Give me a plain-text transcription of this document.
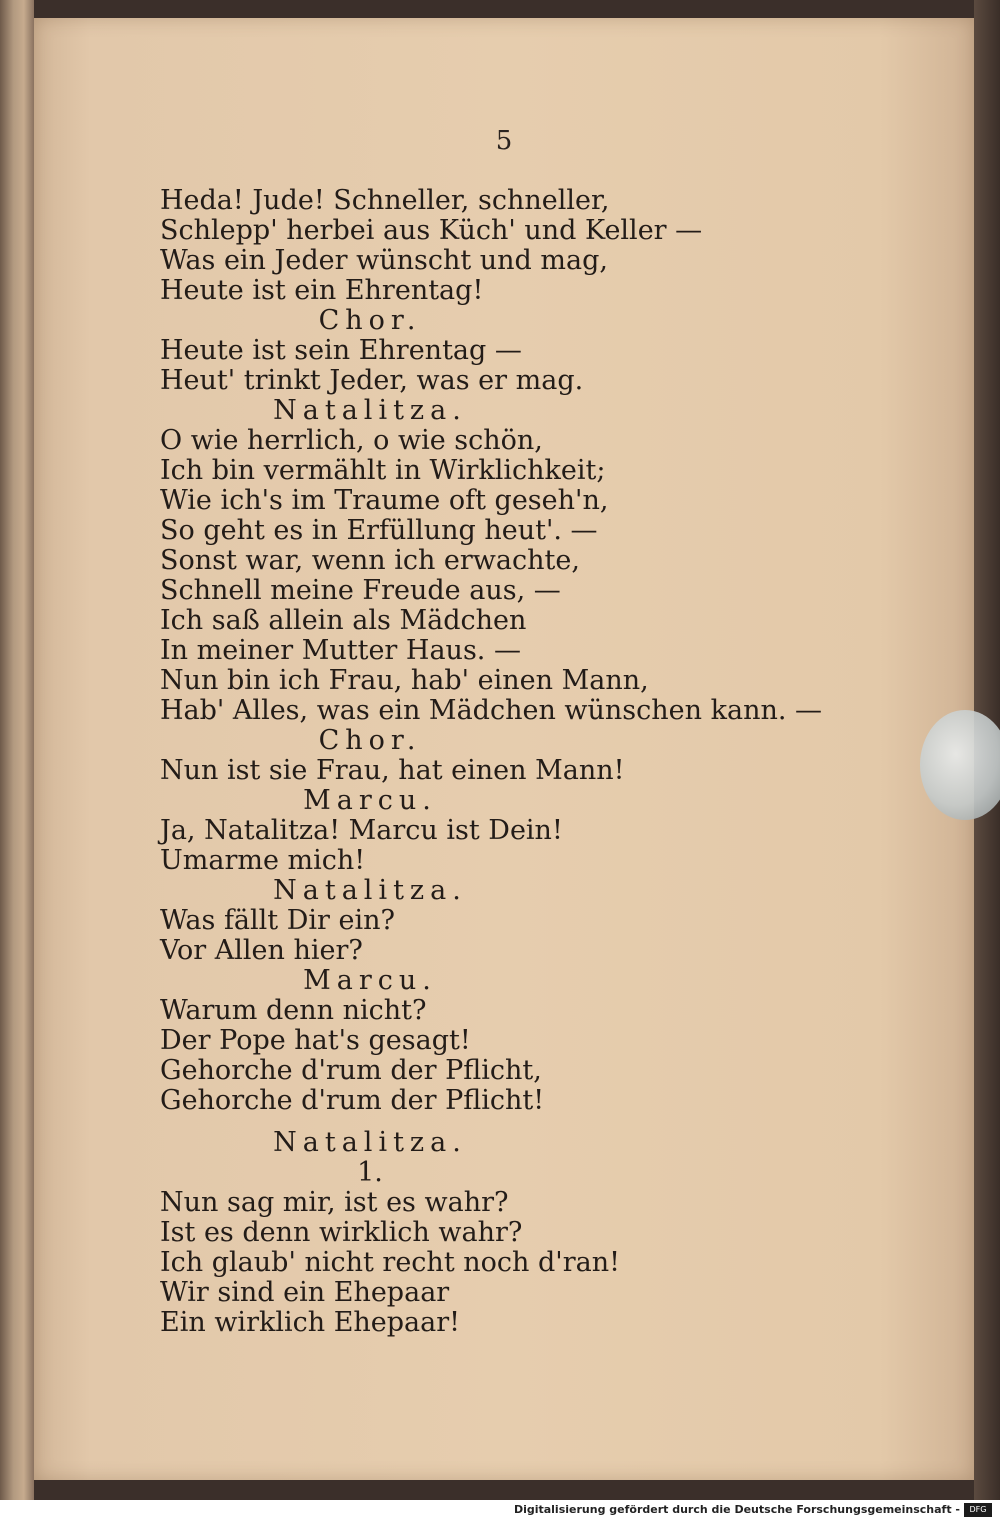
5
Heda! Jude! Schneller, schneller,
Schlepp' herbei aus Küch' und Keller —
Was ein Jeder wünscht und mag,
Heute ist ein Ehrentag!
Chor.
Heute ist sein Ehrentag —
Heut' trinkt Jeder, was er mag.
Natalitza.
O wie herrlich, o wie schön,
Ich bin vermählt in Wirklichkeit;
Wie ich's im Traume oft geseh'n,
So geht es in Erfüllung heut'. —
Sonst war, wenn ich erwachte,
Schnell meine Freude aus, —
Ich saß allein als Mädchen
In meiner Mutter Haus. —
Nun bin ich Frau, hab' einen Mann,
Hab' Alles, was ein Mädchen wünschen kann. —
Chor.
Nun ist sie Frau, hat einen Mann!
Marcu.
Ja, Natalitza! Marcu ist Dein!
Umarme mich!
Natalitza.
Was fällt Dir ein?
Vor Allen hier?
Marcu.
Warum denn nicht?
Der Pope hat's gesagt!
Gehorche d'rum der Pflicht,
Gehorche d'rum der Pflicht!
Natalitza.
1.
Nun sag mir, ist es wahr?
Ist es denn wirklich wahr?
Ich glaub' nicht recht noch d'ran!
Wir sind ein Ehepaar
Ein wirklich Ehepaar!
Digitalisierung gefördert durch die Deutsche Forschungsgemeinschaft -	DFG
